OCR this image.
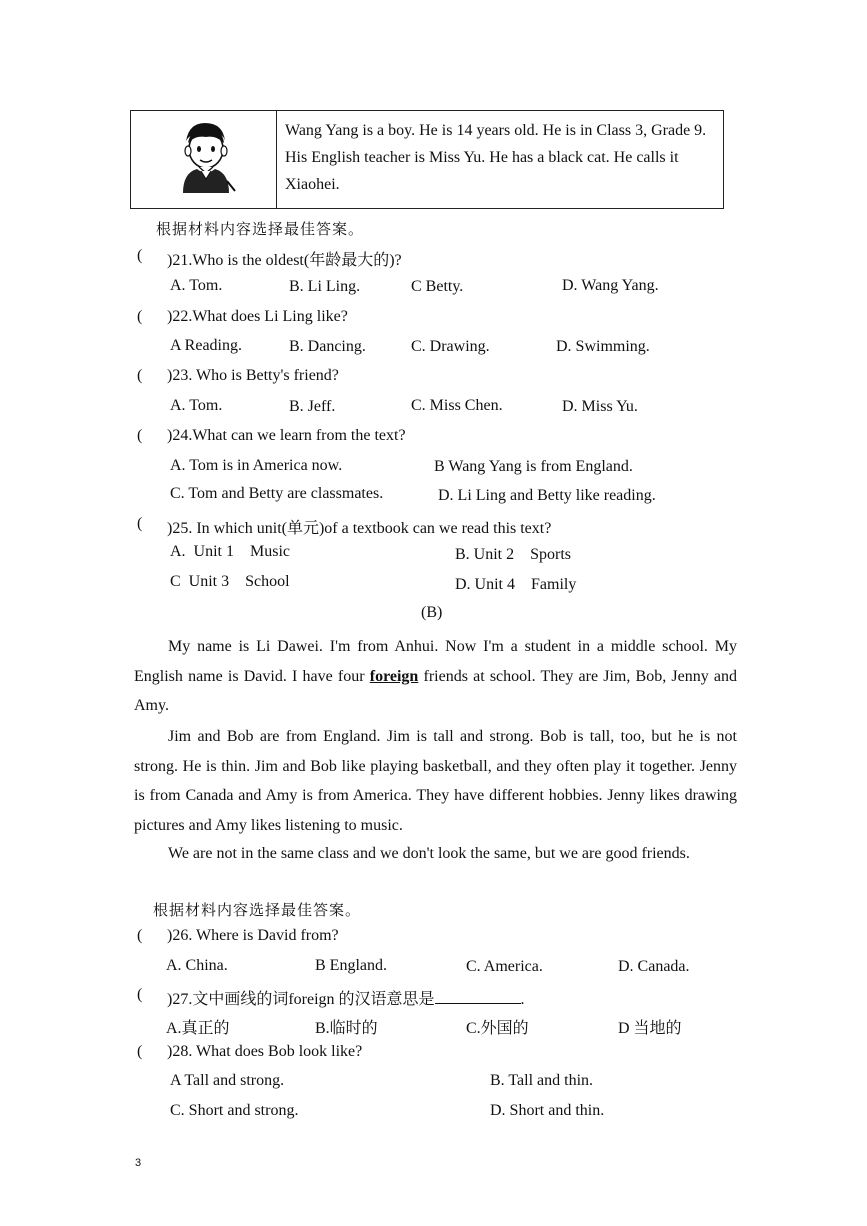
Wang Yang is a boy. He is 14 years old. He is in Class 3, Grade 9. His English teacher is Miss Yu. He has a black cat. He calls it Xiaohei.
根据材料内容选择最佳答案。
( )21.Who is the oldest(年龄最大的)?
A. Tom.	B. Li Ling.	C Betty.	D. Wang Yang.
( )22.What does Li Ling like?
A Reading.	B. Dancing.	C. Drawing.	D. Swimming.
( )23. Who is Betty's friend?
A. Tom.	B. Jeff.	C. Miss Chen.	D. Miss Yu.
( )24.What can we learn from the text?
A. Tom is in America now.	B Wang Yang is from England.
C. Tom and Betty are classmates.	D. Li Ling and Betty like reading.
( )25. In which unit(单元)of a textbook can we read this text?
A.  Unit 1    Music	B. Unit 2    Sports
C  Unit 3    School	D. Unit 4    Family
(B)
My name is Li Dawei. I'm from Anhui. Now I'm a student in a middle school. My English name is David. I have four foreign friends at school. They are Jim, Bob, Jenny and Amy.
Jim and Bob are from England. Jim is tall and strong. Bob is tall, too, but he is not strong. He is thin. Jim and Bob like playing basketball, and they often play it together. Jenny is from Canada and Amy is from America. They have different hobbies. Jenny likes drawing pictures and Amy likes listening to music.
We are not in the same class and we don't look the same, but we are good friends.
根据材料内容选择最佳答案。
( )26. Where is David from?
A. China.	B England.	C. America.	D. Canada.
( )27.文中画线的词foreign 的汉语意思是	.
A.真正的	B.临时的	C.外国的	D 当地的
( )28. What does Bob look like?
A Tall and strong.	B. Tall and thin.
C. Short and strong.	D. Short and thin.
3
